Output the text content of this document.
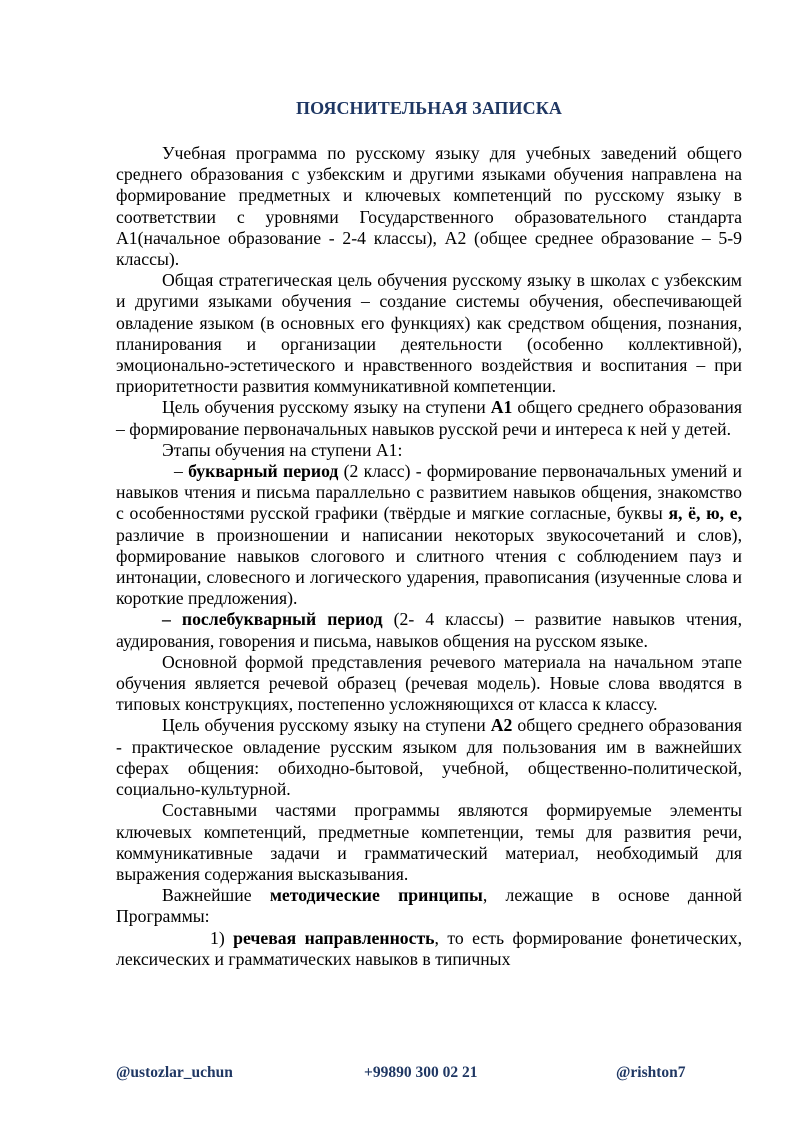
ПОЯСНИТЕЛЬНАЯ ЗАПИСКА

Учебная программа по русскому языку для учебных заведений общего среднего образования с узбекским и другими языками обучения направлена на формирование предметных и ключевых компетенций по русскому языку в соответствии с уровнями Государственного образовательного стандарта А1(начальное образование - 2-4 классы), А2 (общее среднее образование – 5-9 классы).

Общая стратегическая цель обучения русскому языку в школах с узбекским и другими языками обучения – создание системы обучения, обеспечивающей овладение языком (в основных его функциях) как средством общения, познания, планирования и организации деятельности (особенно коллективной), эмоционально-эстетического и нравственного воздействия и воспитания – при приоритетности развития коммуникативной компетенции.

Цель обучения русскому языку на ступени А1 общего среднего образования – формирование первоначальных навыков русской речи и интереса к ней у детей.

Этапы обучения на ступени А1:

– букварный период (2 класс) - формирование первоначальных умений и навыков чтения и письма параллельно с развитием навыков общения, знакомство с особенностями русской графики (твёрдые и мягкие согласные, буквы я, ё, ю, е, различие в произношении и написании некоторых звукосочетаний и слов), формирование навыков слогового и слитного чтения с соблюдением пауз и интонации, словесного и логического ударения, правописания (изученные слова и короткие предложения).

– послебукварный период (2- 4 классы) – развитие навыков чтения, аудирования, говорения и письма, навыков общения на русском языке.

Основной формой представления речевого материала на начальном этапе обучения является речевой образец (речевая модель). Новые слова вводятся в типовых конструкциях, постепенно усложняющихся от класса к классу.

Цель обучения русскому языку на ступени А2 общего среднего образования - практическое овладение русским языком для пользования им в важнейших сферах общения: обиходно-бытовой, учебной, общественно-политической, социально-культурной.

Составными частями программы являются формируемые элементы ключевых компетенций, предметные компетенции, темы для развития речи, коммуникативные задачи и грамматический материал, необходимый для выражения содержания высказывания.

Важнейшие методические принципы, лежащие в основе данной Программы:

1) речевая направленность, то есть формирование фонетических, лексических и грамматических навыков в типичных

@ustozlar_uchun	+99890 300 02 21	@rishton7
